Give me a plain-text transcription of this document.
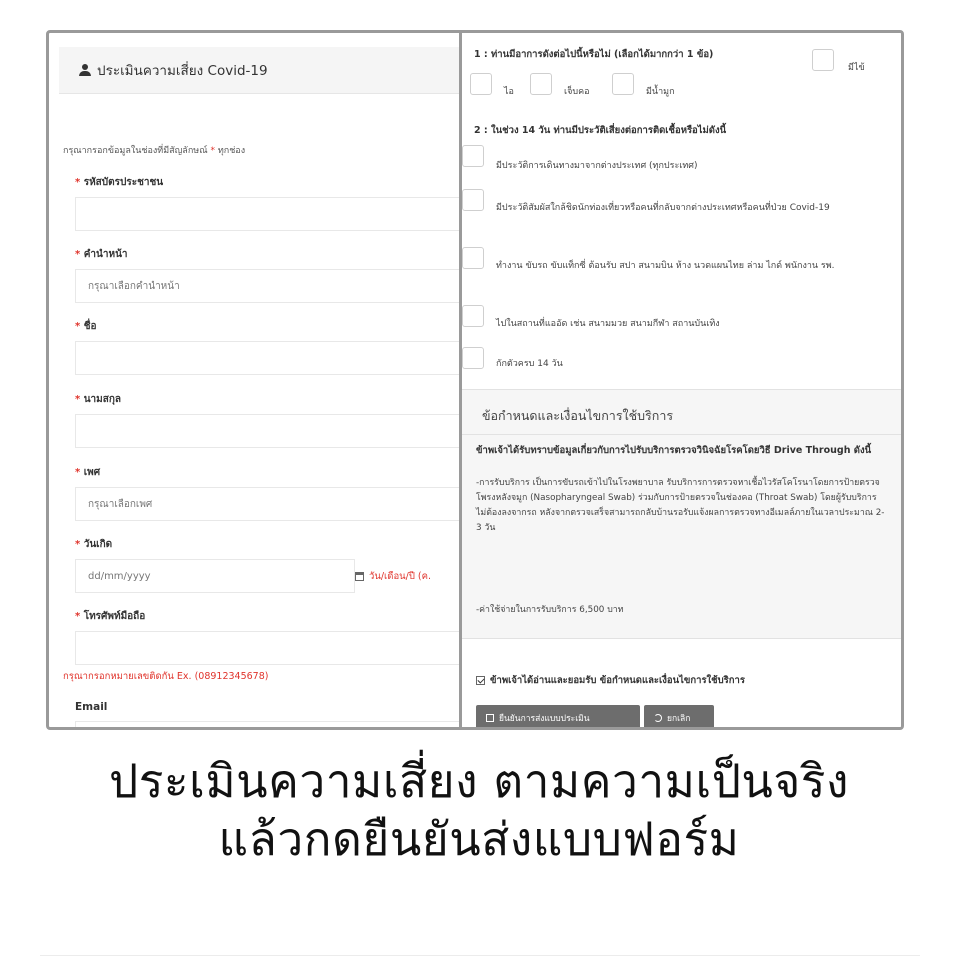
ประเมินความเสี่ยง Covid-19
กรุณากรอกข้อมูลในช่องที่มีสัญลักษณ์ * ทุกช่อง
* รหัสบัตรประชาชน
* คำนำหน้า
กรุณาเลือกคำนำหน้า
* ชื่อ
* นามสกุล
* เพศ
กรุณาเลือกเพศ
* วันเกิด
dd/mm/yyyy	วัน/เดือน/ปี (ค.
* โทรศัพท์มือถือ
กรุณากรอกหมายเลขติดกัน Ex. (08912345678)
Email
1 : ท่านมีอาการดังต่อไปนี้หรือไม่ (เลือกได้มากกว่า 1 ข้อ)
มีไข้
ไอ	เจ็บคอ	มีน้ำมูก
2 : ในช่วง 14 วัน ท่านมีประวัติเสี่ยงต่อการติดเชื้อหรือไม่ดังนี้
มีประวัติการเดินทางมาจากต่างประเทศ (ทุกประเทศ)
มีประวัติสัมผัสใกล้ชิดนักท่องเที่ยวหรือคนที่กลับจากต่างประเทศหรือคนที่ป่วย Covid-19
ทำงาน ขับรถ ขับแท็กซี่ ต้อนรับ สปา สนามบิน ห้าง นวดแผนไทย ล่าม ไกด์ พนักงาน รพ.
ไปในสถานที่แออัด เช่น สนามมวย สนามกีฬา สถานบันเทิง
กักตัวครบ 14 วัน
ข้อกำหนดและเงื่อนไขการใช้บริการ
ข้าพเจ้าได้รับทราบข้อมูลเกี่ยวกับการไปรับบริการตรวจวินิจฉัยโรคโดยวิธี Drive Through ดังนี้
-การรับบริการ เป็นการขับรถเข้าไปในโรงพยาบาล รับบริการการตรวจหาเชื้อไวรัสโคโรนาโดยการป้ายตรวจโพรงหลังจมูก (Nasopharyngeal Swab) ร่วมกับการป้ายตรวจในช่องคอ (Throat Swab) โดยผู้รับบริการไม่ต้องลงจากรถ หลังจากตรวจเสร็จสามารถกลับบ้านรอรับแจ้งผลการตรวจทางอีเมลล์ภายในเวลาประมาณ 2-3 วัน
-ค่าใช้จ่ายในการรับบริการ 6,500 บาท
ข้าพเจ้าได้อ่านและยอมรับ ข้อกำหนดและเงื่อนไขการใช้บริการ
ยืนยันการส่งแบบประเมิน	ยกเลิก
ประเมินความเสี่ยง ตามความเป็นจริง
แล้วกดยืนยันส่งแบบฟอร์ม
